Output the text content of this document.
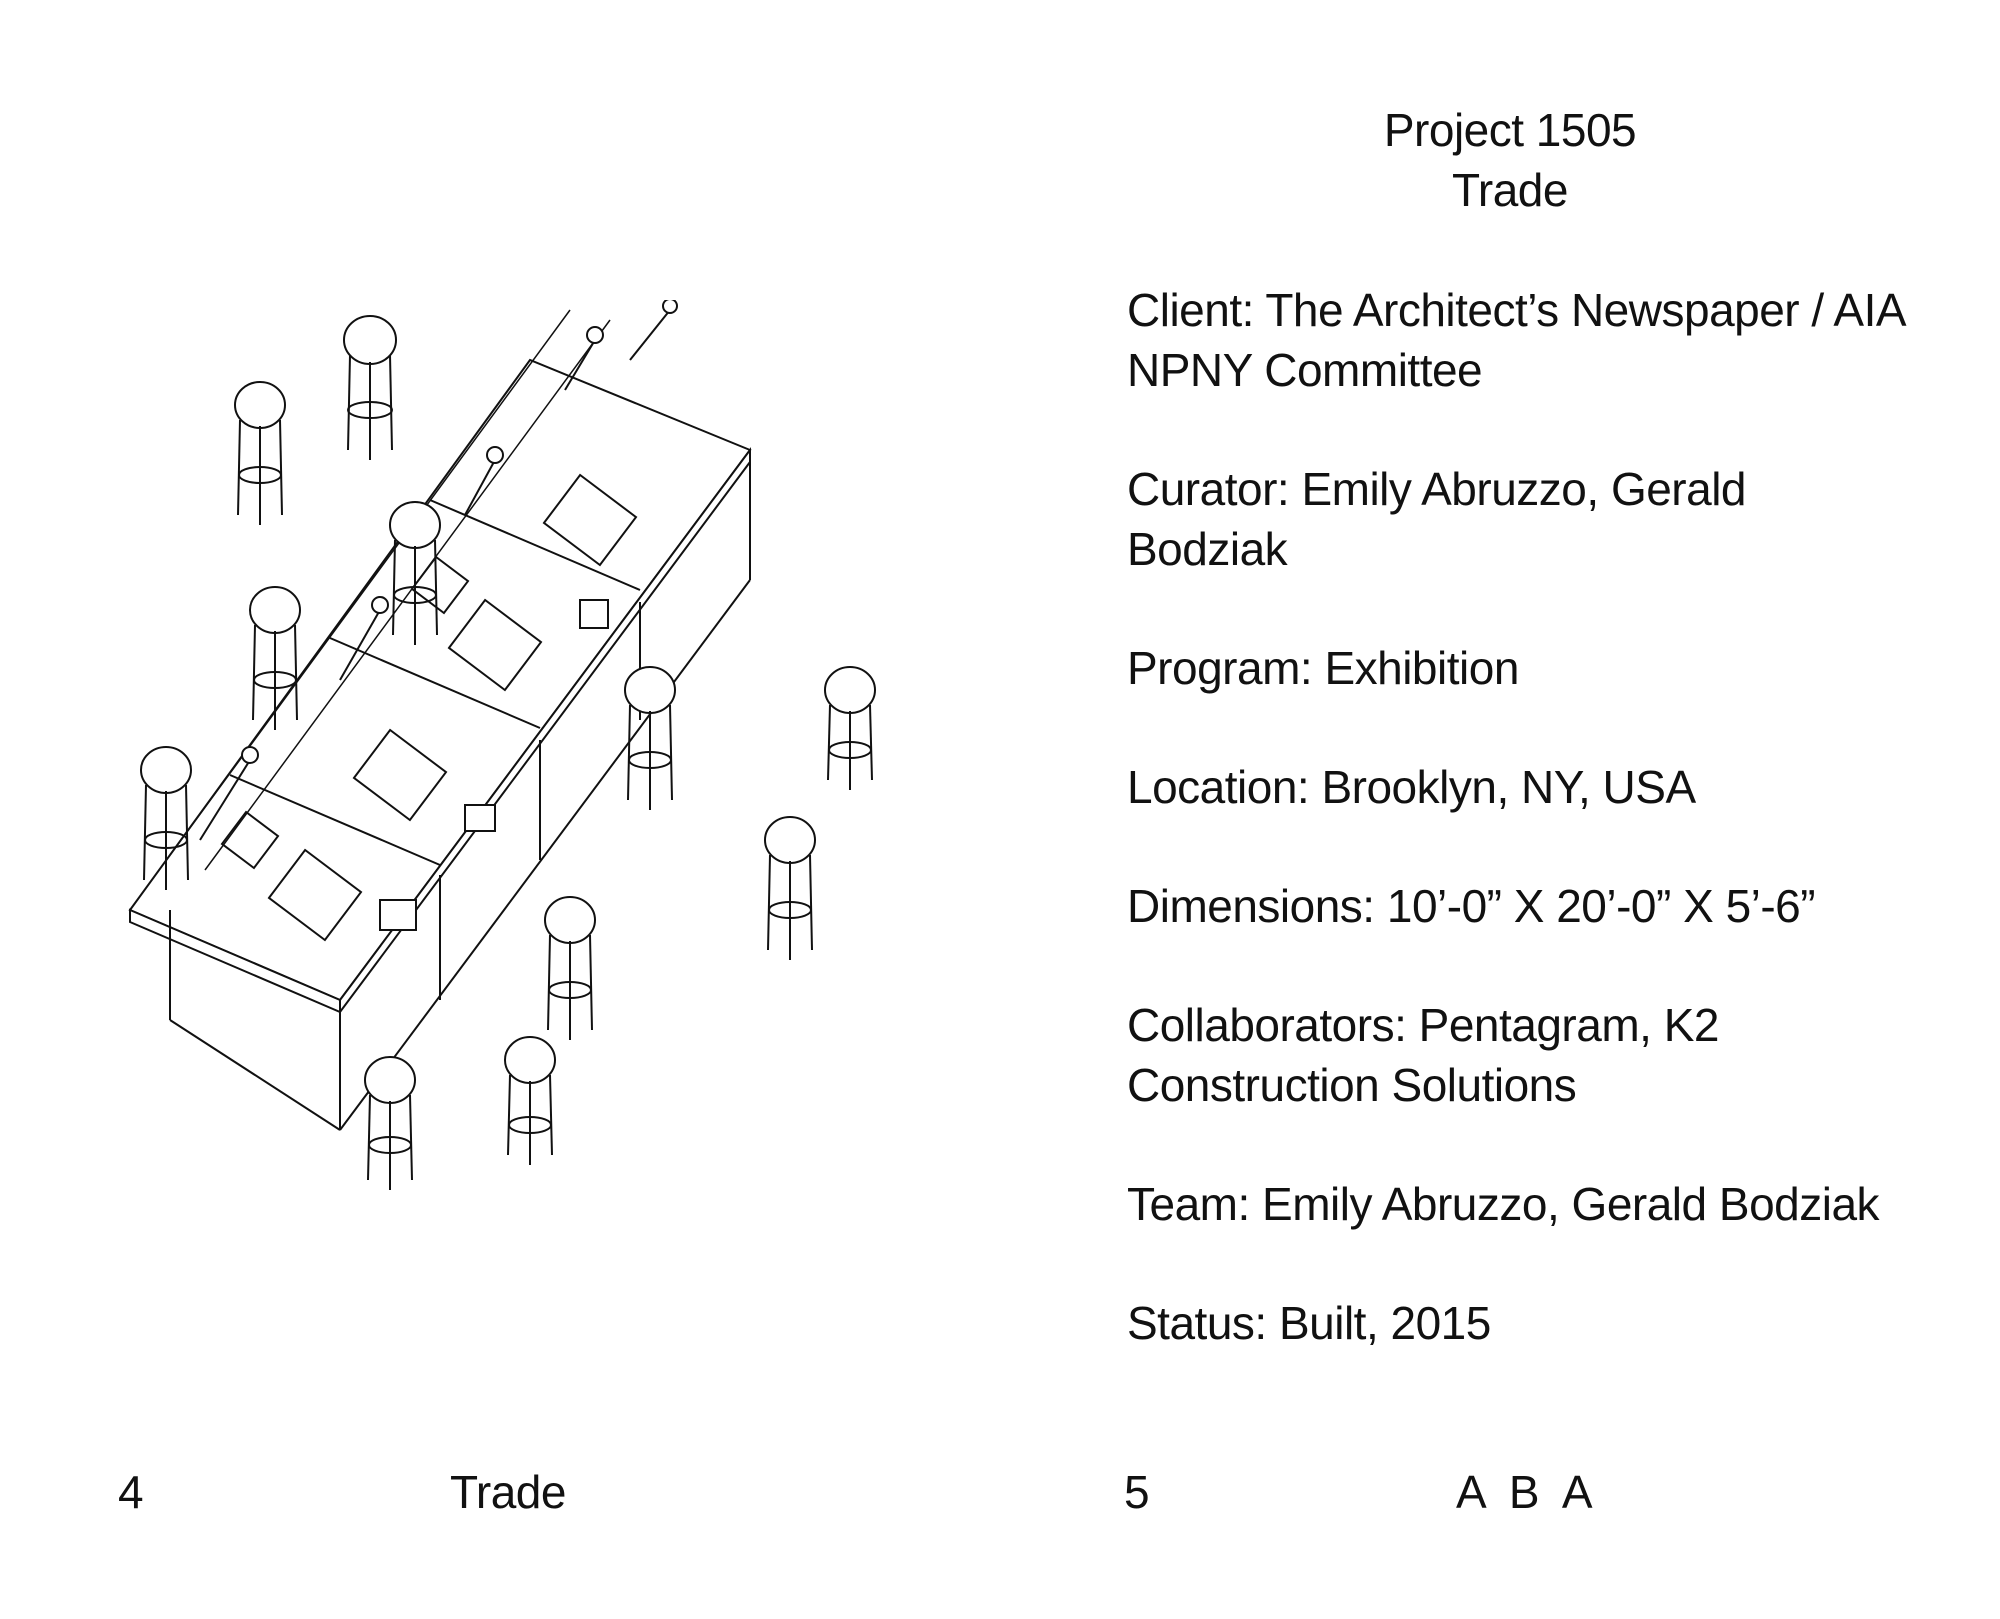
Project 1505
Trade
Client: The Architect’s Newspaper / AIA NPNY Committee
Curator: Emily Abruzzo, Gerald Bodziak
Program: Exhibition
Location: Brooklyn, NY, USA
Dimensions: 10’-0” X 20’-0” X 5’-6”
Collaborators: Pentagram, K2 Construction Solutions
Team: Emily Abruzzo, Gerald Bodziak
Status: Built, 2015
4	Trade	5	A B A
